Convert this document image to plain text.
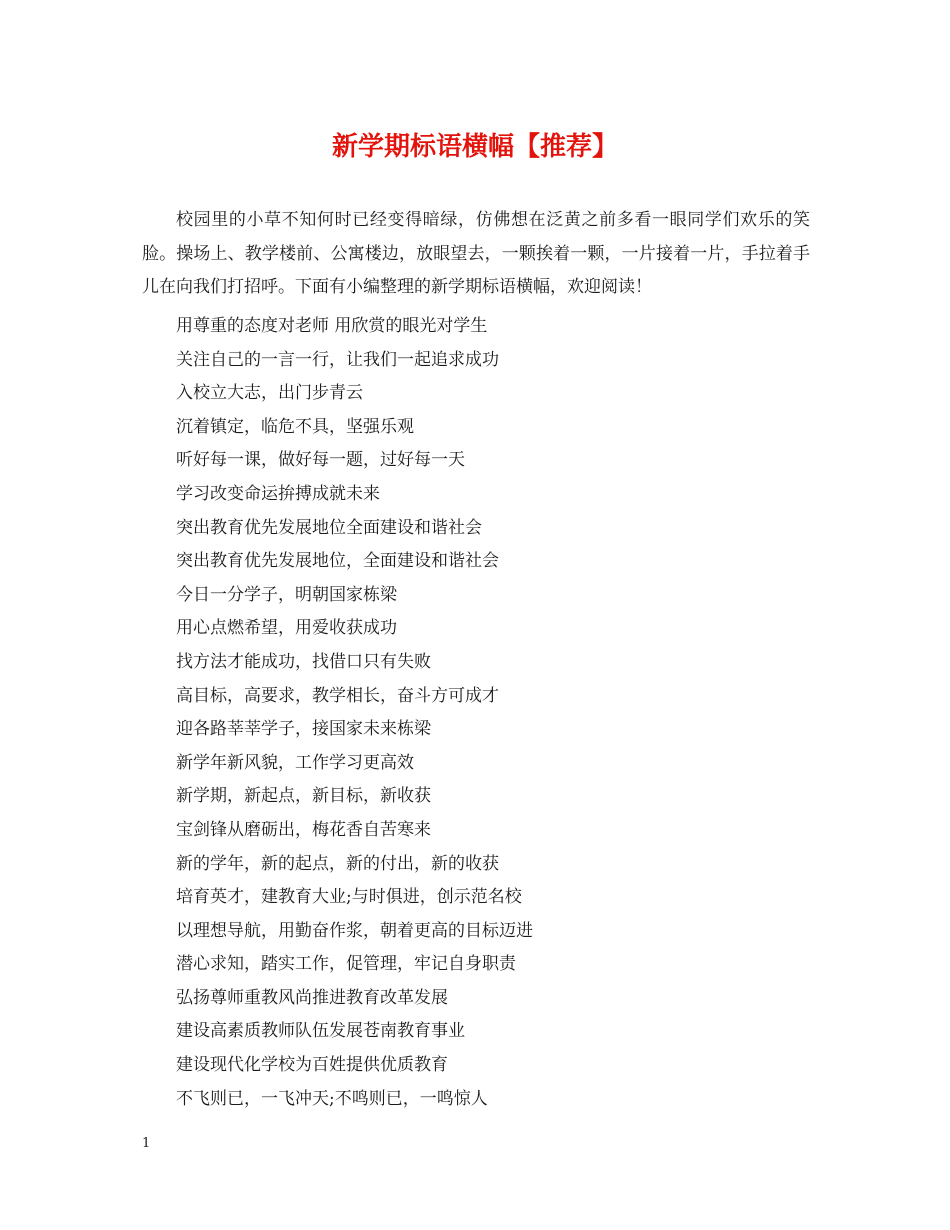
新学期标语横幅【推荐】

校园里的小草不知何时已经变得暗绿，仿佛想在泛黄之前多看一眼同学们欢乐的笑脸。操场上、教学楼前、公寓楼边，放眼望去，一颗挨着一颗，一片接着一片，手拉着手儿在向我们打招呼。下面有小编整理的新学期标语横幅，欢迎阅读！

用尊重的态度对老师 用欣赏的眼光对学生
关注自己的一言一行，让我们一起追求成功
入校立大志，出门步青云
沉着镇定，临危不具，坚强乐观
听好每一课，做好每一题，过好每一天
学习改变命运拚搏成就未来
突出教育优先发展地位全面建设和谐社会
突出教育优先发展地位，全面建设和谐社会
今日一分学子，明朝国家栋梁
用心点燃希望，用爱收获成功
找方法才能成功，找借口只有失败
高目标，高要求，教学相长，奋斗方可成才
迎各路莘莘学子，接国家未来栋梁
新学年新风貌，工作学习更高效
新学期，新起点，新目标，新收获
宝剑锋从磨砺出，梅花香自苦寒来
新的学年，新的起点，新的付出，新的收获
培育英才，建教育大业;与时俱进，创示范名校
以理想导航，用勤奋作浆，朝着更高的目标迈进
潜心求知，踏实工作，促管理，牢记自身职责
弘扬尊师重教风尚推进教育改革发展
建设高素质教师队伍发展苍南教育事业
建设现代化学校为百姓提供优质教育
不飞则已，一飞冲天;不鸣则已，一鸣惊人
1
